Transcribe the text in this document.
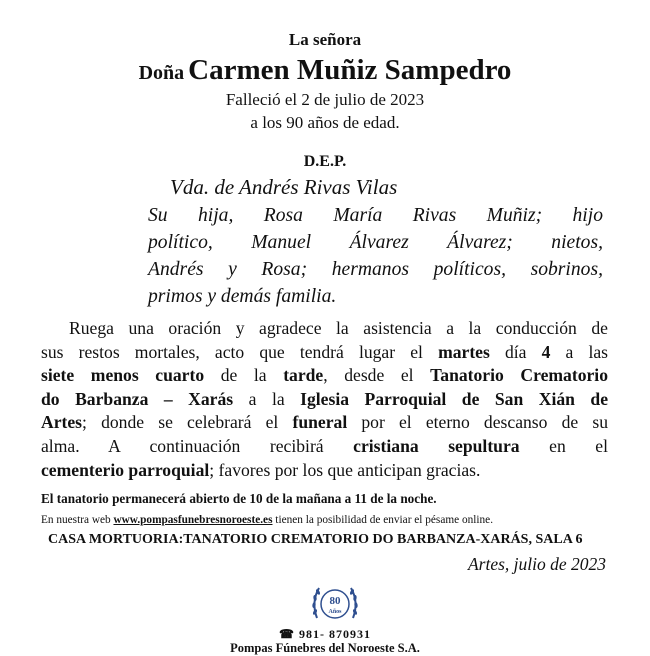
La señora
Doña Carmen Muñiz Sampedro
Falleció el 2 de julio de 2023
a los 90 años de edad.
D.E.P.
Vda. de Andrés Rivas Vilas
Su hija, Rosa María Rivas Muñiz; hijo
político, Manuel Álvarez Álvarez; nietos,
Andrés y Rosa; hermanos políticos, sobrinos,
primos y demás familia.
Ruega una oración y agradece la asistencia a la conducción de
sus restos mortales, acto que tendrá lugar el martes día 4 a las
siete menos cuarto de la tarde, desde el Tanatorio Crematorio
do Barbanza – Xarás a la Iglesia Parroquial de San Xián de
Artes; donde se celebrará el funeral por el eterno descanso de su
alma. A continuación recibirá cristiana sepultura en el
cementerio parroquial; favores por los que anticipan gracias.
El tanatorio permanecerá abierto de 10 de la mañana a 11 de la noche.
En nuestra web www.pompasfunebresnoroeste.es tienen la posibilidad de enviar el pésame online.
CASA MORTUORIA:TANATORIO CREMATORIO DO BARBANZA-XARÁS, SALA 6
Artes, julio de 2023
80
Años
☎ 981- 870931
Pompas Fúnebres del Noroeste S.A.
